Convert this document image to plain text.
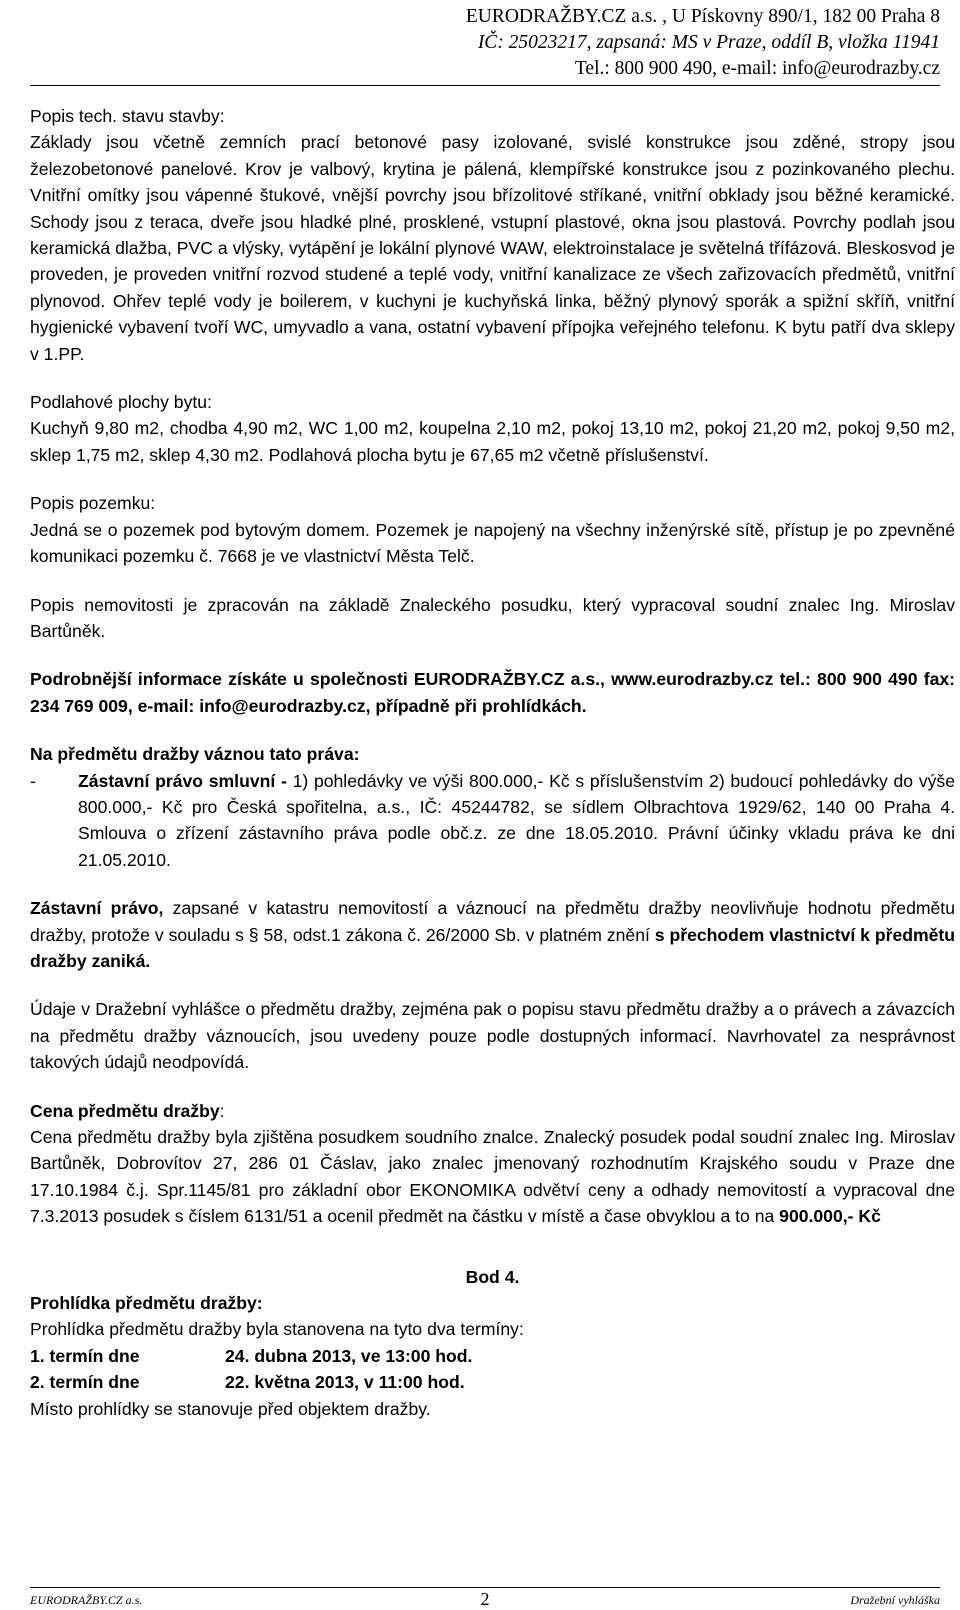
EURODRAŽBY.CZ a.s. , U Pískovny 890/1, 182 00 Praha 8
IČ: 25023217, zapsaná: MS v Praze, oddíl B, vložka 11941
Tel.: 800 900 490, e-mail: info@eurodrazby.cz

Popis tech. stavu stavby:

Základy jsou včetně zemních prací betonové pasy izolované, svislé konstrukce jsou zděné, stropy jsou železobetonové panelové. Krov je valbový, krytina je pálená, klempířské konstrukce jsou z pozinkovaného plechu. Vnitřní omítky jsou vápenné štukové, vnější povrchy jsou břízolitové stříkané, vnitřní obklady jsou běžné keramické. Schody jsou z teraca, dveře jsou hladké plné, prosklené, vstupní plastové, okna jsou plastová. Povrchy podlah jsou keramická dlažba, PVC a vlýsky, vytápění je lokální plynové WAW, elektroinstalace je světelná třífázová. Bleskosvod je proveden, je proveden vnitřní rozvod studené a teplé vody, vnitřní kanalizace ze všech zařizovacích předmětů, vnitřní plynovod. Ohřev teplé vody je boilerem, v kuchyni je kuchyňská linka, běžný plynový sporák a spižní skříň, vnitřní hygienické vybavení tvoří WC, umyvadlo a vana, ostatní vybavení přípojka veřejného telefonu. K bytu patří dva sklepy v 1.PP.

Podlahové plochy bytu:

Kuchyň 9,80 m2, chodba 4,90 m2, WC 1,00 m2, koupelna 2,10 m2, pokoj 13,10 m2, pokoj 21,20 m2, pokoj 9,50 m2, sklep 1,75 m2, sklep 4,30 m2. Podlahová plocha bytu je 67,65 m2 včetně příslušenství.

Popis pozemku:

Jedná se o pozemek pod bytovým domem. Pozemek je napojený na všechny inženýrské sítě, přístup je po zpevněné komunikaci pozemku č. 7668 je ve vlastnictví Města Telč.

Popis nemovitosti je zpracován na základě Znaleckého posudku, který vypracoval soudní znalec Ing. Miroslav Bartůněk.

Podrobnější informace získáte u společnosti EURODRAŽBY.CZ a.s., www.eurodrazby.cz tel.: 800 900 490 fax: 234 769 009, e-mail: info@eurodrazby.cz, případně při prohlídkách.

Na předmětu dražby váznou tato práva:

-	Zástavní právo smluvní - 1) pohledávky ve výši 800.000,- Kč s příslušenstvím 2) budoucí pohledávky do výše 800.000,- Kč pro Česká spořitelna, a.s., IČ: 45244782, se sídlem Olbrachtova 1929/62, 140 00 Praha 4. Smlouva o zřízení zástavního práva podle obč.z. ze dne 18.05.2010. Právní účinky vkladu práva ke dni 21.05.2010.

Zástavní právo, zapsané v katastru nemovitostí a váznoucí na předmětu dražby neovlivňuje hodnotu předmětu dražby, protože v souladu s § 58, odst.1 zákona č. 26/2000 Sb. v platném znění s přechodem vlastnictví k předmětu dražby zaniká.

Údaje v Dražební vyhlášce o předmětu dražby, zejména pak o popisu stavu předmětu dražby a o právech a závazcích na předmětu dražby váznoucích, jsou uvedeny pouze podle dostupných informací. Navrhovatel za nesprávnost takových údajů neodpovídá.

Cena předmětu dražby:

Cena předmětu dražby byla zjištěna posudkem soudního znalce. Znalecký posudek podal soudní znalec Ing. Miroslav Bartůněk, Dobrovítov 27, 286 01 Čáslav, jako znalec jmenovaný rozhodnutím Krajského soudu v Praze dne 17.10.1984 č.j. Spr.1145/81 pro základní obor EKONOMIKA odvětví ceny a odhady nemovitostí a vypracoval dne 7.3.2013 posudek s číslem 6131/51 a ocenil předmět na částku v místě a čase obvyklou a to na 900.000,- Kč

Bod 4.

Prohlídka předmětu dražby:

Prohlídka předmětu dražby byla stanovena na tyto dva termíny:

1. termín dne	24. dubna 2013, ve 13:00 hod.
2. termín dne	22. května 2013, v 11:00 hod.

Místo prohlídky se stanovuje před objektem dražby.

EURODRAŽBY.CZ a.s.	2	Dražební vyhláška
